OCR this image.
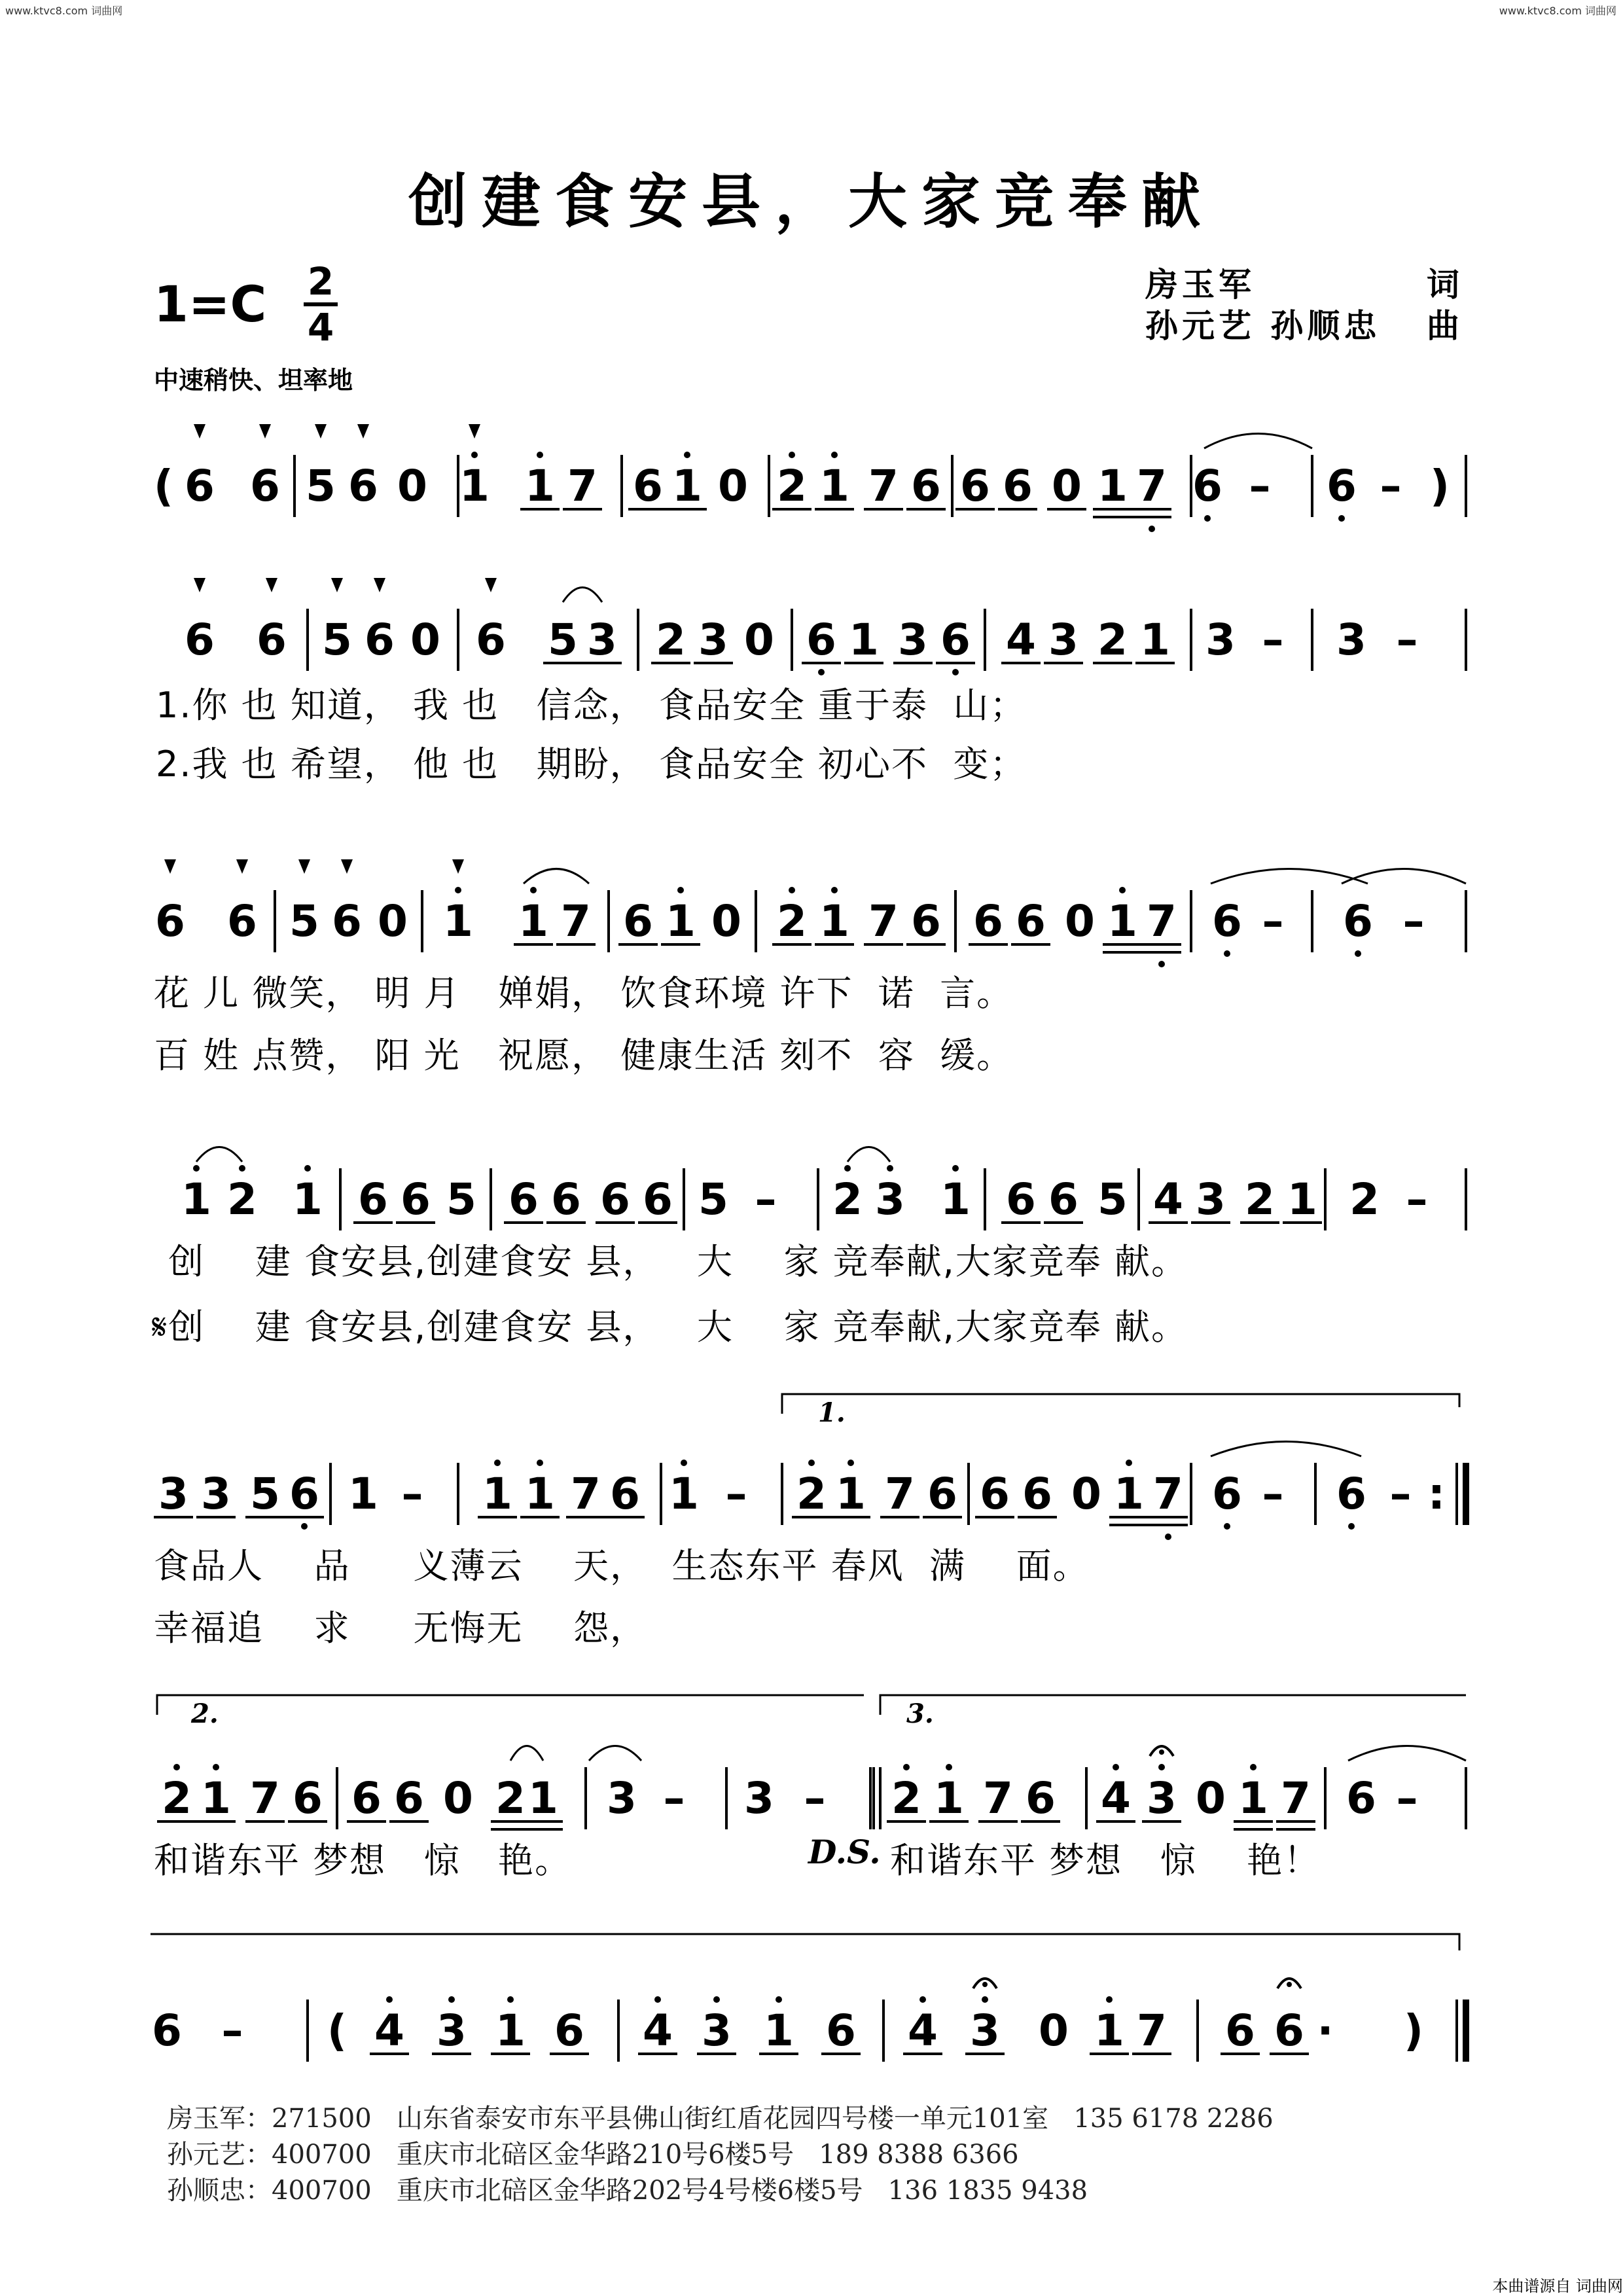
www.ktvc8.com 词曲网	www.ktvc8.com 词曲网
创建食安县，大家竞奉献
1=C 2
4
房玉军	词
孙元艺 孙顺忠 曲
中速稍快、坦率地
( 6 6 5 6 0 1 1 7 6 1 0 2 1 7 6 6 6 0 1 7 6 – 6 – )
6 6 5 6 0 6 5 3 2 3 0 6 1 3 6 4 3 2 1 3 – 3 –
6 6 5 6 0 1 1 7 6 1 0 2 1 7 6 6 6 0 1 7 6 – 6 –
1 2 1 6 6 5 6 6 6 6 5 – 2 3 1 6 6 5 4 3 2 1 2 –
3 3 5 6 1 – 1 1 7 6 1 – 2 1 7 6 6 6 0 1 7 6 – 6 – :
2 1 7 6 6 6 0 2 1 3 – 3 – 2 1 7 6 4 3 0 1 7 6 –
6 – ( 4 3 1 6 4 3 1 6 4 3 0 1 7 6 6 · )
1.你 也 知道， 我 也   信念， 食品安全 重于泰  山；
2.我 也 希望， 他 也   期盼， 食品安全 初心不  变；
花 儿 微笑， 明 月   婵娟， 饮食环境 许下  诺  言。
百 姓 点赞， 阳 光   祝愿， 健康生活 刻不  容  缓。
创    建 食安县,创建食安 县，   大    家 竞奉献,大家竞奉 献。
𝄋创    建 食安县,创建食安 县，   大    家 竞奉献,大家竞奉 献。
食品人    品     义薄云    天，  生态东平 春风  满    面。
幸福追    求     无悔无    怨，
和谐东平 梦想   惊   艳。	D.S. 和谐东平 梦想   惊    艳！
1.
2.	3.
房玉军：271500   山东省泰安市东平县佛山街红盾花园四号楼一单元101室   135 6178 2286
孙元艺：400700   重庆市北碚区金华路210号6楼5号   189 8388 6366
孙顺忠：400700   重庆市北碚区金华路202号4号楼6楼5号   136 1835 9438
本曲谱源自 词曲网
